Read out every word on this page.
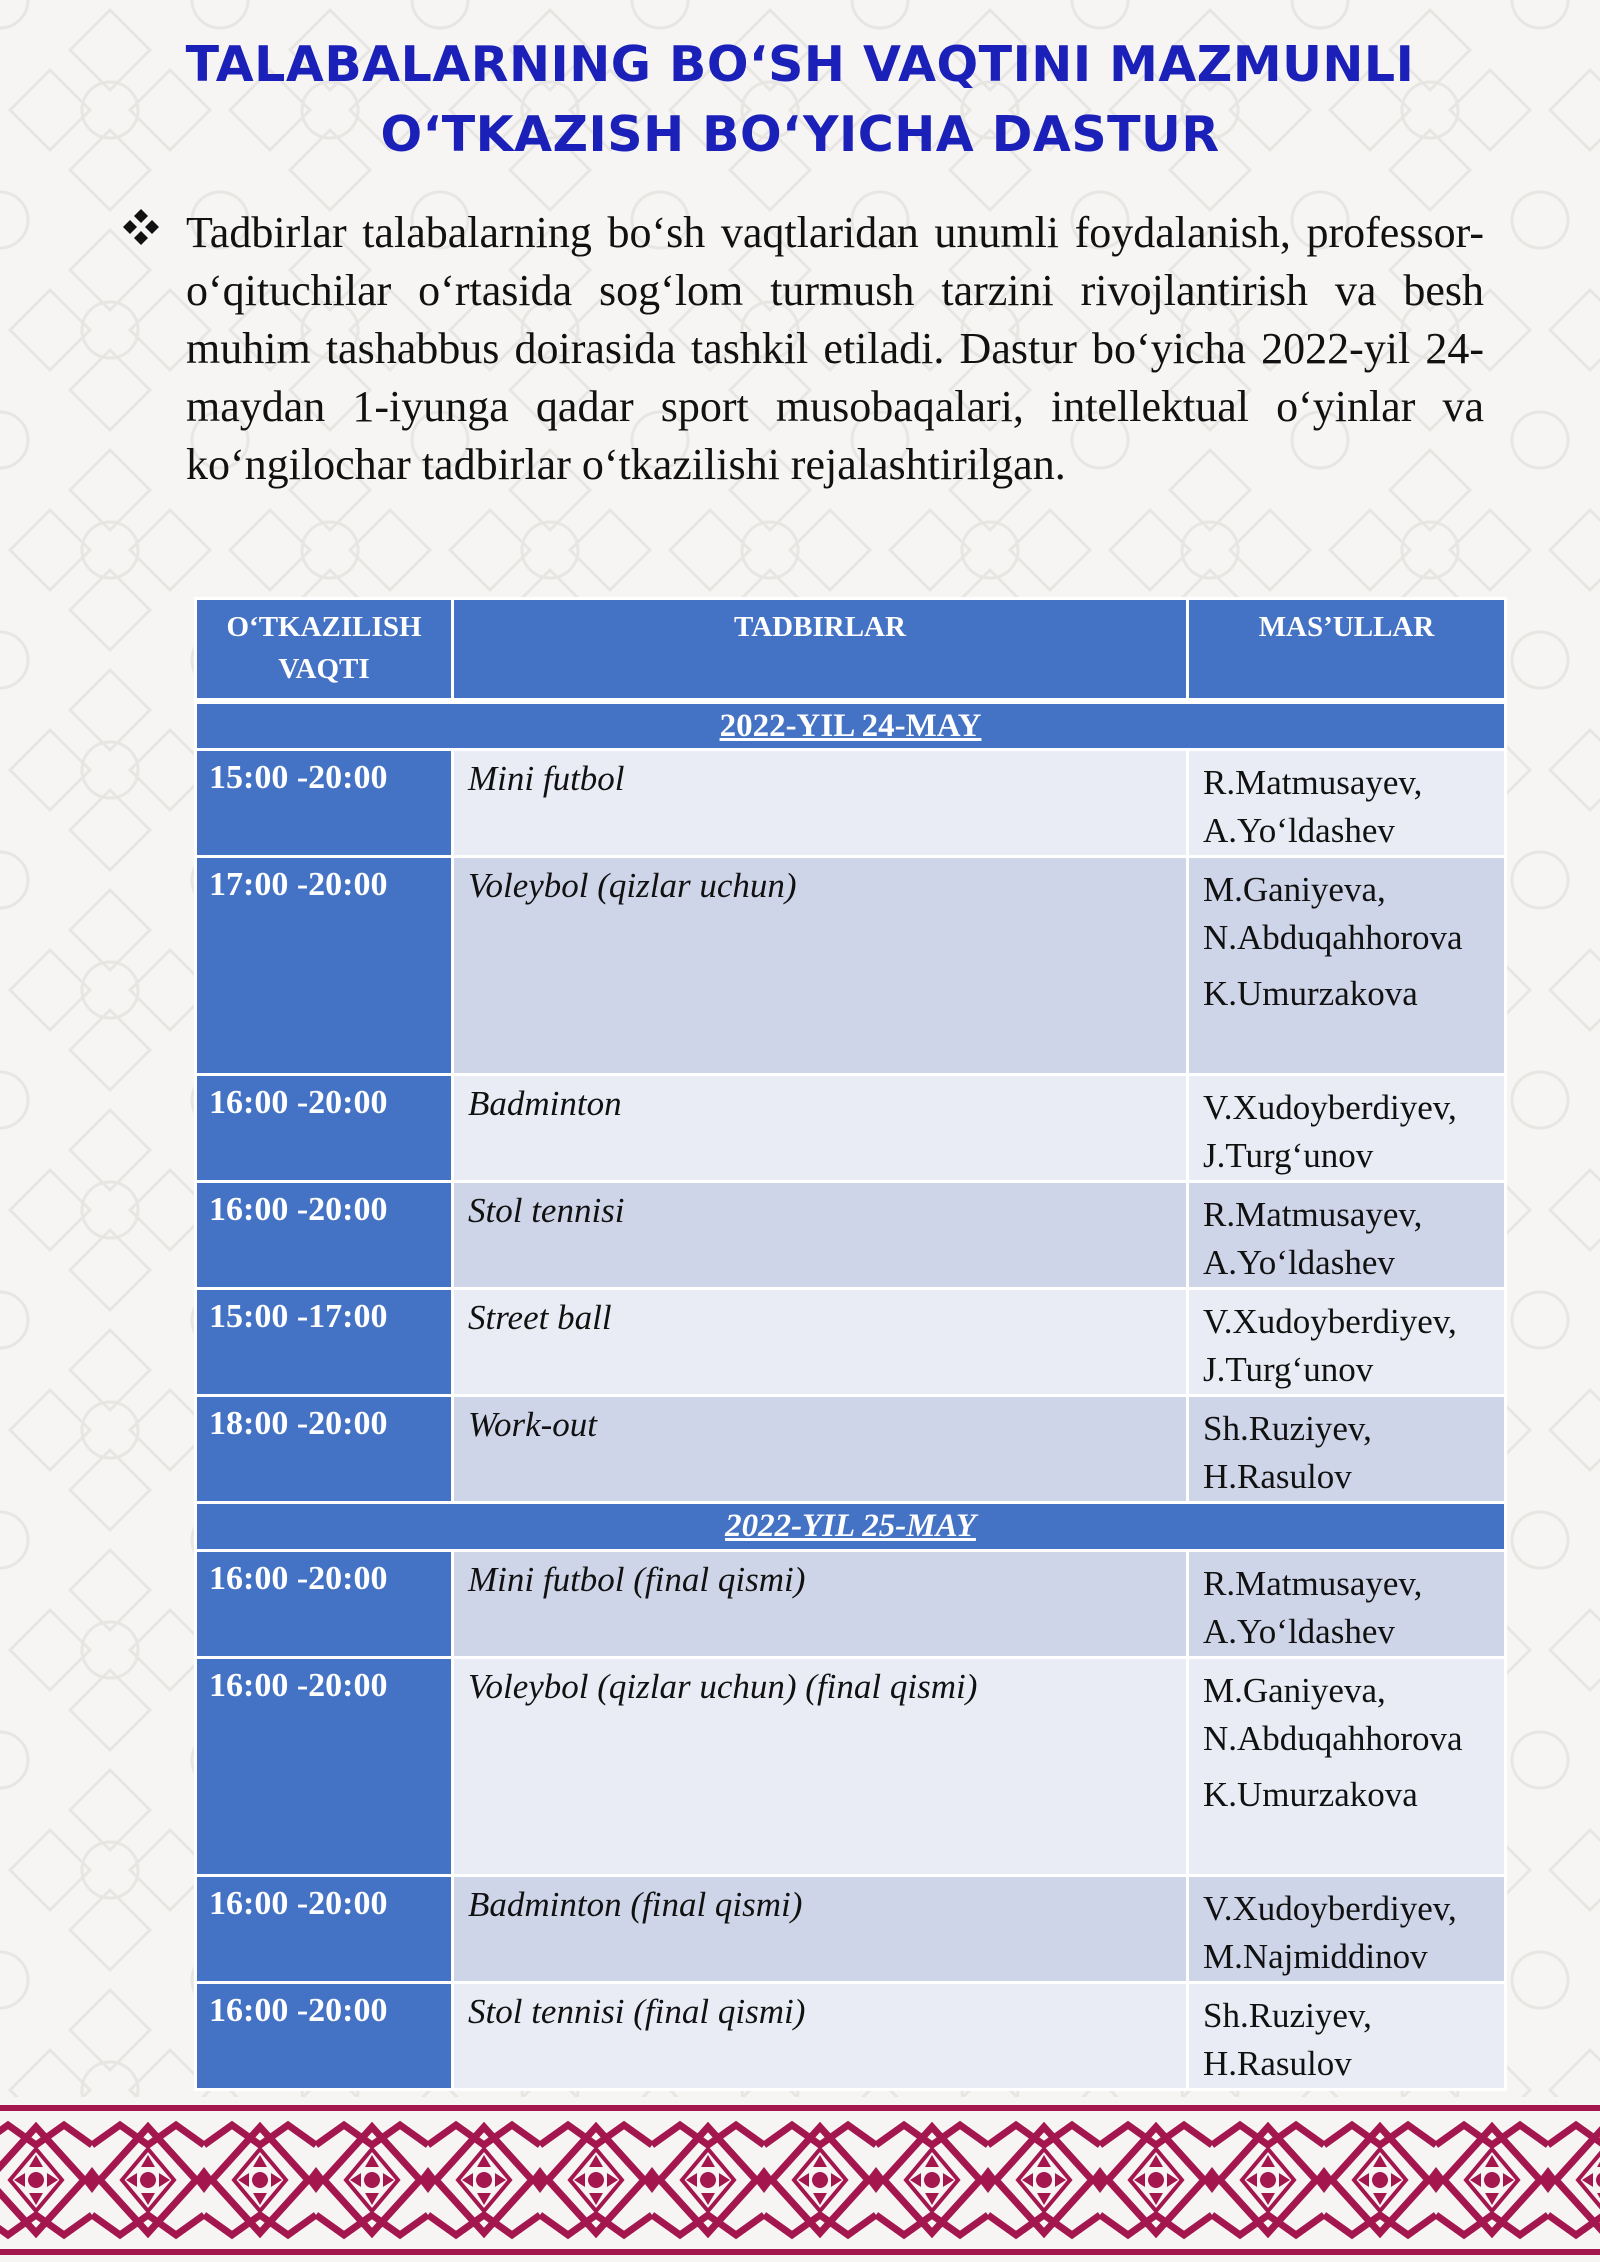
TALABALARNING BO‘SH VAQTINI MAZMUNLI
O‘TKAZISH BO‘YICHA DASTUR

Tadbirlar talabalarning bo‘sh vaqtlaridan unumli foydalanish, professor-o‘qituchilar o‘rtasida sog‘lom turmush tarzini rivojlantirish va besh muhim tashabbus doirasida tashkil etiladi. Dastur bo‘yicha 2022-yil 24-maydan 1-iyunga qadar sport musobaqalari, intellektual o‘yinlar va ko‘ngilochar tadbirlar o‘tkazilishi rejalashtirilgan.

O‘TKAZILISH VAQTI	TADBIRLAR	MAS’ULLAR
2022-YIL 24-MAY		
15:00 -20:00	Mini futbol	R.Matmusayev,
A.Yo‘ldashev

17:00 -20:00	Voleybol (qizlar uchun)	M.Ganiyeva,
N.Abduqahhorova
K.Umurzakova

16:00 -20:00	Badminton	V.Xudoyberdiyev,
J.Turg‘unov

16:00 -20:00	Stol tennisi	R.Matmusayev,
A.Yo‘ldashev

15:00 -17:00	Street ball	V.Xudoyberdiyev,
J.Turg‘unov

18:00 -20:00	Work-out	Sh.Ruziyev,
H.Rasulov

2022-YIL 25-MAY		
16:00 -20:00	Mini futbol (final qismi)	R.Matmusayev,
A.Yo‘ldashev

16:00 -20:00	Voleybol (qizlar uchun) (final qismi)	M.Ganiyeva,
N.Abduqahhorova
K.Umurzakova

16:00 -20:00	Badminton (final qismi)	V.Xudoyberdiyev,
M.Najmiddinov

16:00 -20:00	Stol tennisi (final qismi)	Sh.Ruziyev,
H.Rasulov
